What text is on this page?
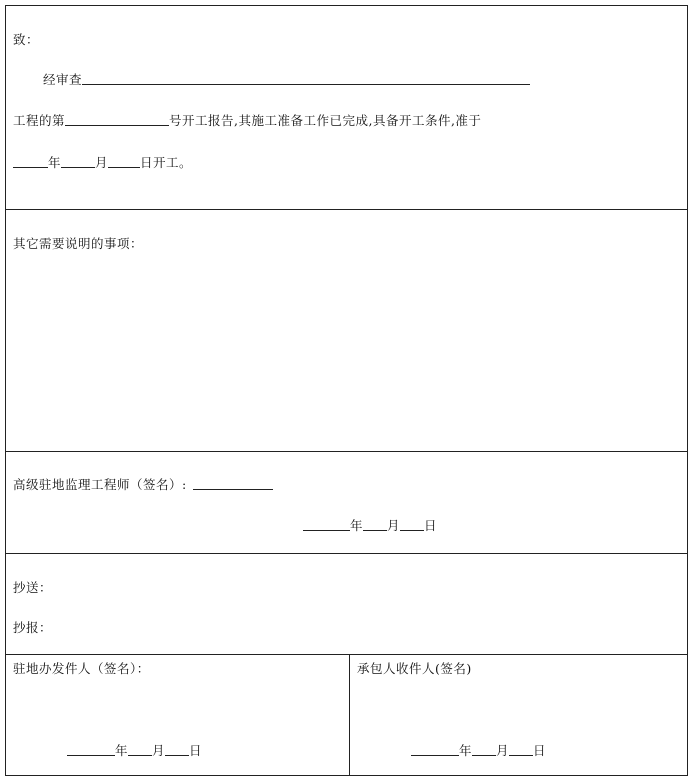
致：
经审查
工程的第	号开工报告,其施工准备工作已完成,具备开工条件,准于
年	月	日开工。
其它需要说明的事项：
高级驻地监理工程师（签名）:
年 月 日
抄送：
抄报：
驻地办发件人（签名）：
年 月 日
承包人收件人(签名)
年 月 日
